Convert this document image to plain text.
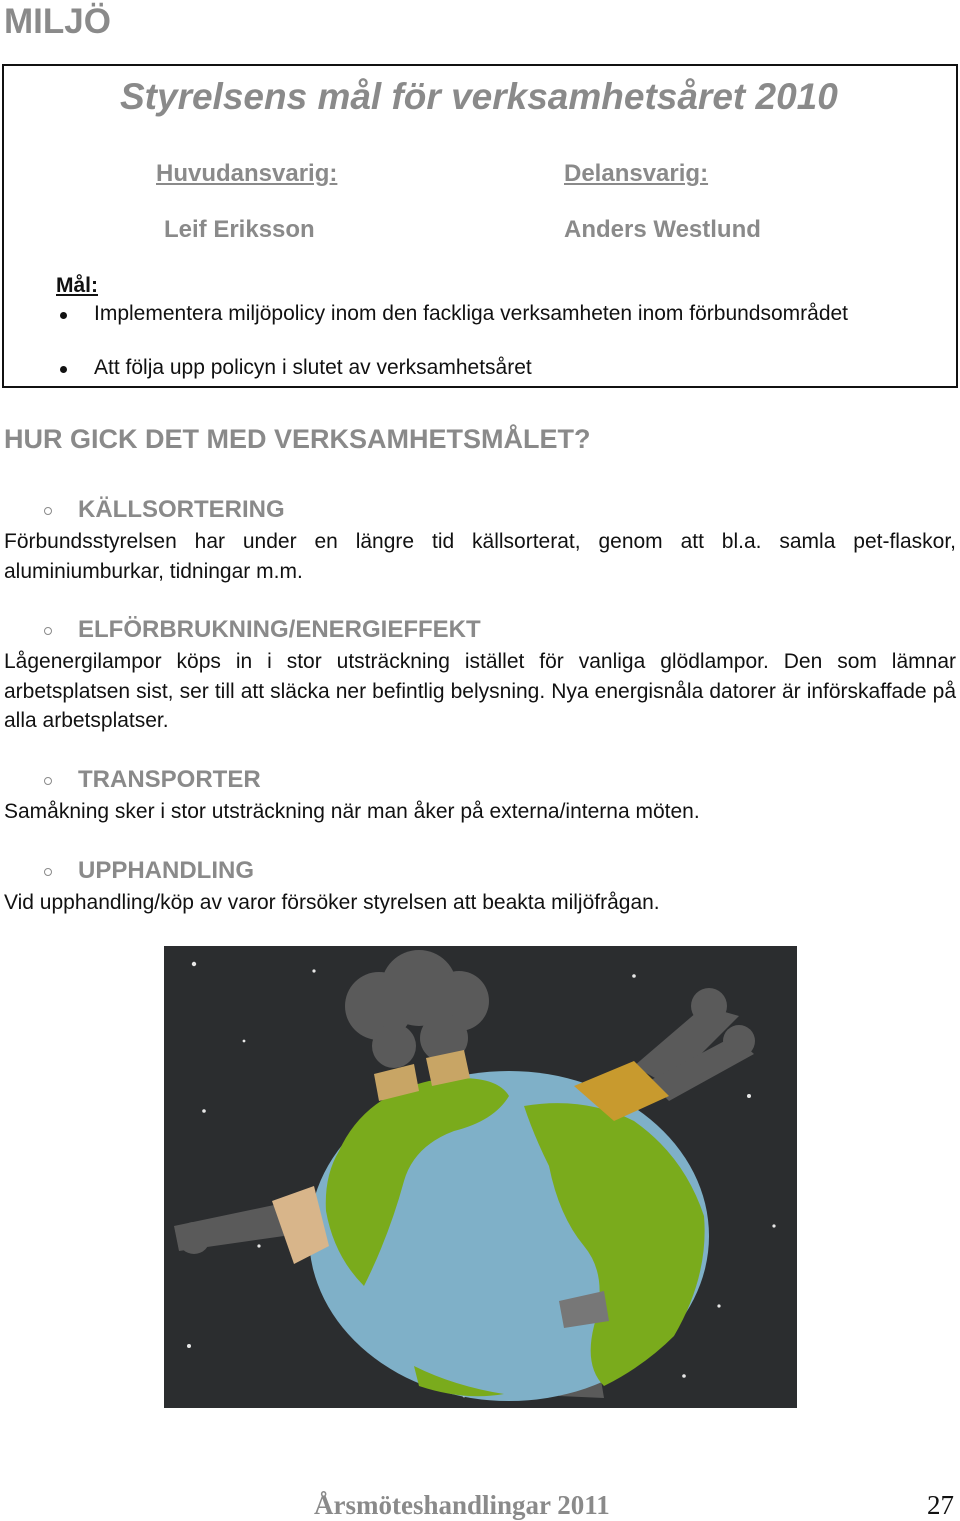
MILJÖ
Styrelsens mål för verksamhetsåret 2010

Huvudansvarig:	Delansvarig:

Leif Eriksson	Anders Westlund

Mål:

Implementera miljöpolicy inom den fackliga verksamheten inom förbundsområdet

Att följa upp policyn i slutet av verksamhetsåret

HUR GICK DET MED VERKSAMHETSMÅLET?
KÄLLSORTERING

Förbundsstyrelsen har under en längre tid källsorterat, genom att bl.a. samla pet-flaskor, aluminiumburkar, tidningar m.m.

ELFÖRBRUKNING/ENERGIEFFEKT

Lågenergilampor köps in i stor utsträckning istället för vanliga glödlampor. Den som lämnar arbetsplatsen sist, ser till att släcka ner befintlig belysning. Nya energisnåla datorer är införskaffade på alla arbetsplatser.

TRANSPORTER

Samåkning sker i stor utsträckning när man åker på externa/interna möten.

UPPHANDLING

Vid upphandling/köp av varor försöker styrelsen att beakta miljöfrågan.

Årsmöteshandlingar 2011	27
